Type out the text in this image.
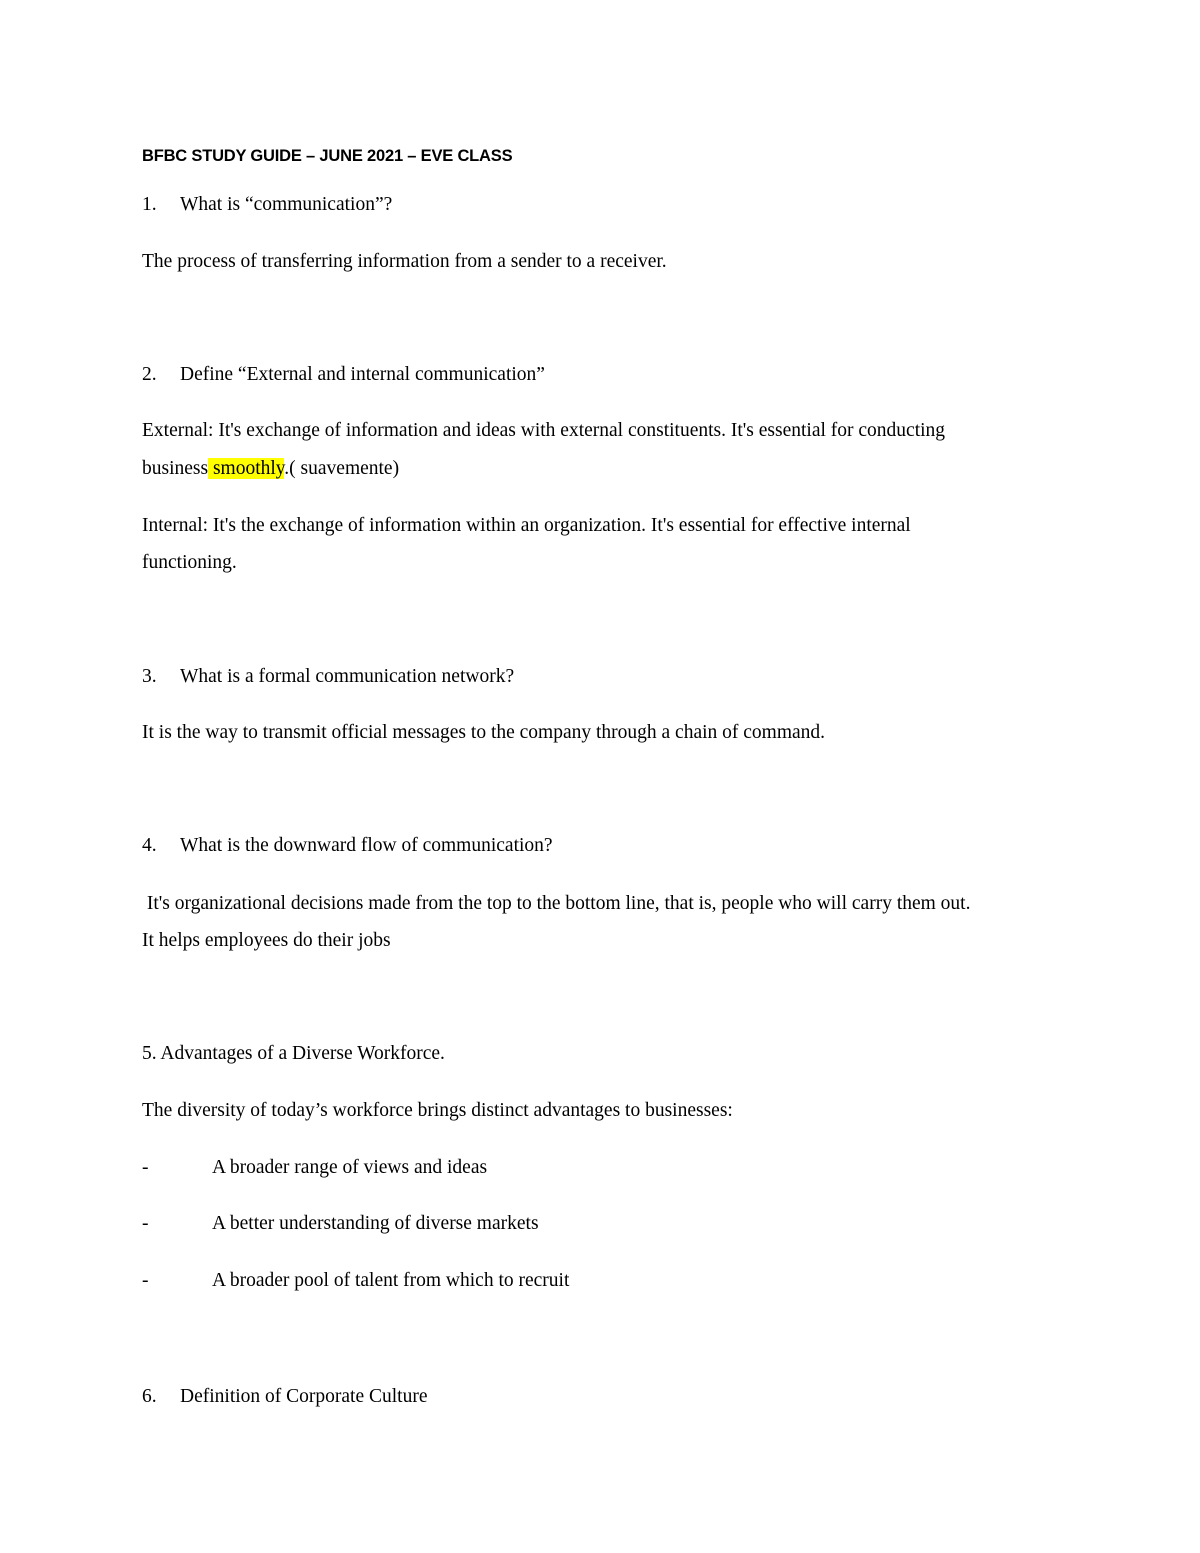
BFBC STUDY GUIDE – JUNE 2021 – EVE CLASS
1. What is “communication”?
The process of transferring information from a sender to a receiver.
2. Define “External and internal communication”
External: It's exchange of information and ideas with external constituents. It's essential for conducting
business smoothly.( suavemente)
Internal: It's the exchange of information within an organization. It's essential for effective internal
functioning.
3. What is a formal communication network?
It is the way to transmit official messages to the company through a chain of command.
4. What is the downward flow of communication?
It's organizational decisions made from the top to the bottom line, that is, people who will carry them out.
It helps employees do their jobs
5. Advantages of a Diverse Workforce.
The diversity of today’s workforce brings distinct advantages to businesses:
-	A broader range of views and ideas
-	A better understanding of diverse markets
-	A broader pool of talent from which to recruit
6. Definition of Corporate Culture
